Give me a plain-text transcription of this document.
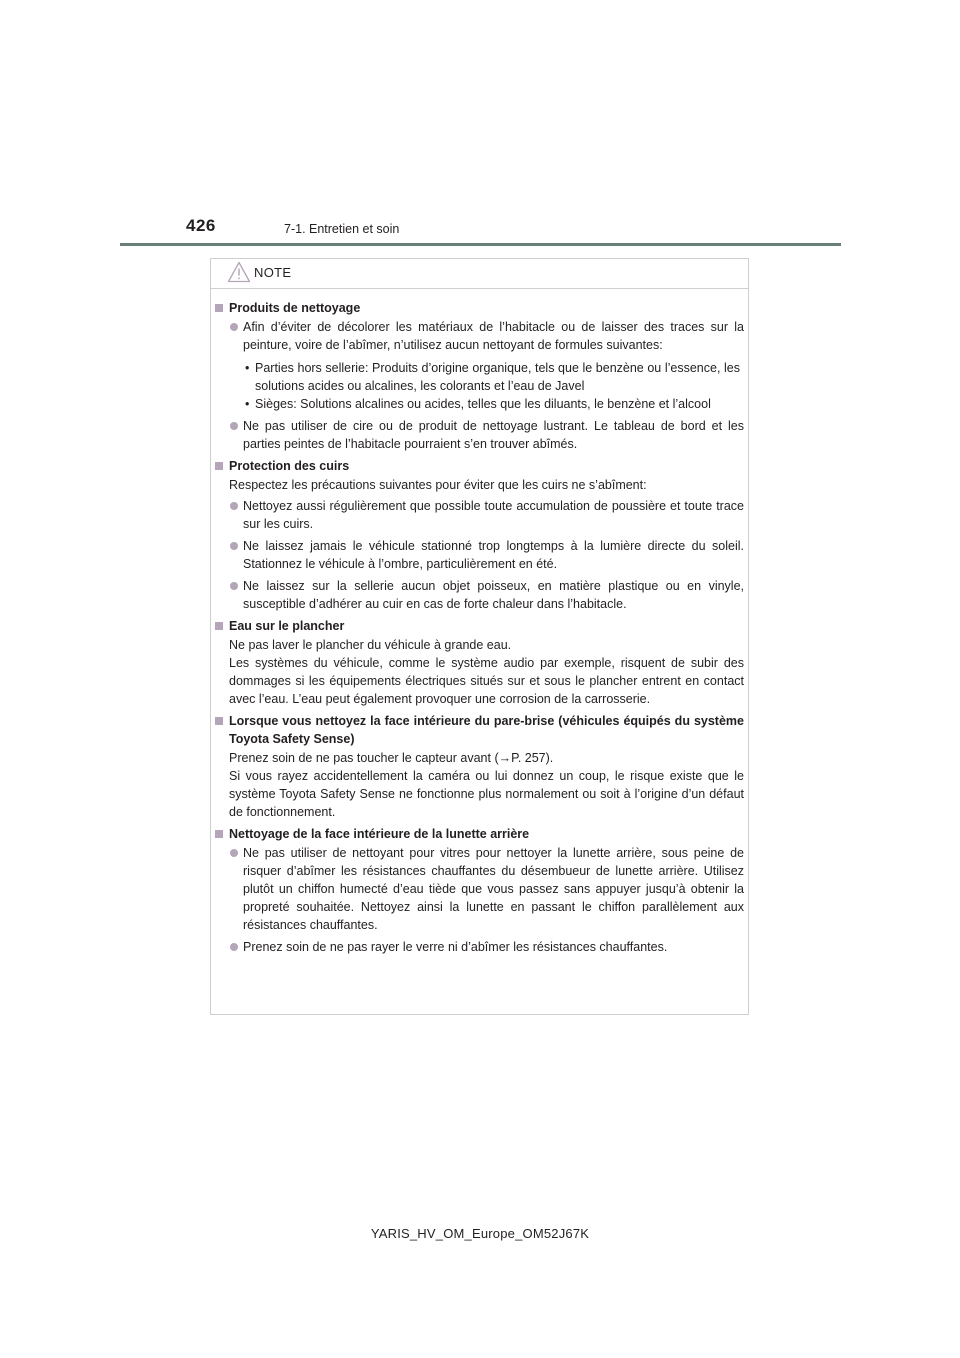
426	7-1. Entretien et soin
NOTE
Produits de nettoyage
Afin d’éviter de décolorer les matériaux de l’habitacle ou de laisser des traces sur la peinture, voire de l’abîmer, n’utilisez aucun nettoyant de formules suivantes:
• Parties hors sellerie: Produits d’origine organique, tels que le benzène ou l’essence, les solutions acides ou alcalines, les colorants et l’eau de Javel
• Sièges: Solutions alcalines ou acides, telles que les diluants, le benzène et l’alcool
Ne pas utiliser de cire ou de produit de nettoyage lustrant. Le tableau de bord et les parties peintes de l’habitacle pourraient s’en trouver abîmés.
Protection des cuirs
Respectez les précautions suivantes pour éviter que les cuirs ne s’abîment:
Nettoyez aussi régulièrement que possible toute accumulation de poussière et toute trace sur les cuirs.
Ne laissez jamais le véhicule stationné trop longtemps à la lumière directe du soleil. Stationnez le véhicule à l’ombre, particulièrement en été.
Ne laissez sur la sellerie aucun objet poisseux, en matière plastique ou en vinyle, susceptible d’adhérer au cuir en cas de forte chaleur dans l’habitacle.
Eau sur le plancher
Ne pas laver le plancher du véhicule à grande eau.
Les systèmes du véhicule, comme le système audio par exemple, risquent de subir des dommages si les équipements électriques situés sur et sous le plancher entrent en contact avec l’eau. L’eau peut également provoquer une corrosion de la carrosserie.
Lorsque vous nettoyez la face intérieure du pare-brise (véhicules équipés du système Toyota Safety Sense)
Prenez soin de ne pas toucher le capteur avant (→P. 257).
Si vous rayez accidentellement la caméra ou lui donnez un coup, le risque existe que le système Toyota Safety Sense ne fonctionne plus normalement ou soit à l’origine d’un défaut de fonctionnement.
Nettoyage de la face intérieure de la lunette arrière
Ne pas utiliser de nettoyant pour vitres pour nettoyer la lunette arrière, sous peine de risquer d’abîmer les résistances chauffantes du désembueur de lunette arrière. Utilisez plutôt un chiffon humecté d’eau tiède que vous passez sans appuyer jusqu’à obtenir la propreté souhaitée. Nettoyez ainsi la lunette en passant le chiffon parallèlement aux résistances chauffantes.
Prenez soin de ne pas rayer le verre ni d’abîmer les résistances chauffantes.
YARIS_HV_OM_Europe_OM52J67K
